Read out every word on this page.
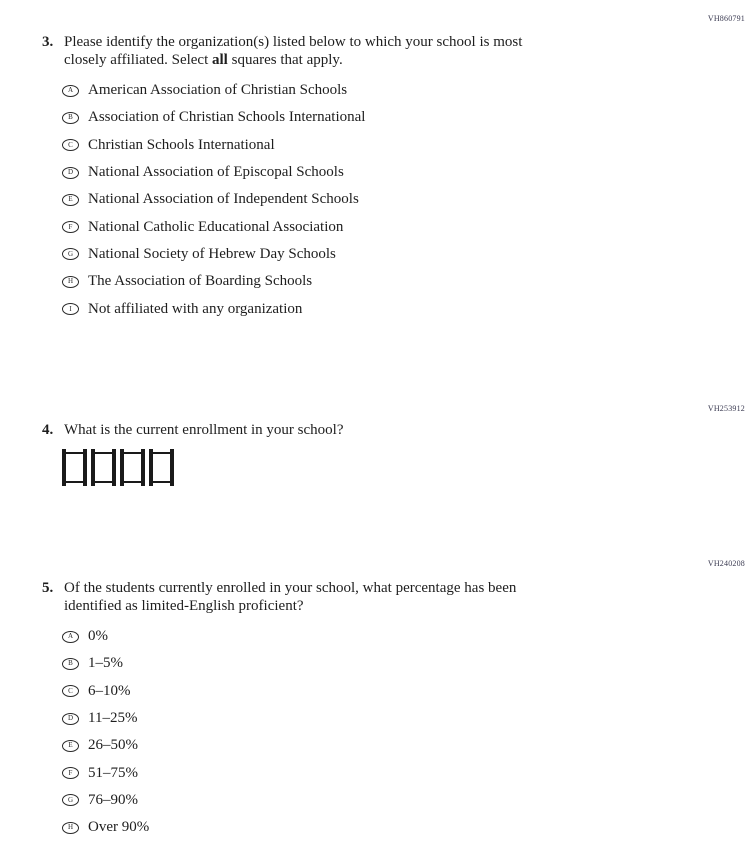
VH860791
3. Please identify the organization(s) listed below to which your school is most
closely affiliated. Select all squares that apply.
A American Association of Christian Schools
B Association of Christian Schools International
C Christian Schools International
D National Association of Episcopal Schools
E National Association of Independent Schools
F National Catholic Educational Association
G National Society of Hebrew Day Schools
H The Association of Boarding Schools
I Not affiliated with any organization
VH253912
4. What is the current enrollment in your school?
VH240208
5. Of the students currently enrolled in your school, what percentage has been
identified as limited-English proficient?
A 0%
B 1–5%
C 6–10%
D 11–25%
E 26–50%
F 51–75%
G 76–90%
H Over 90%
